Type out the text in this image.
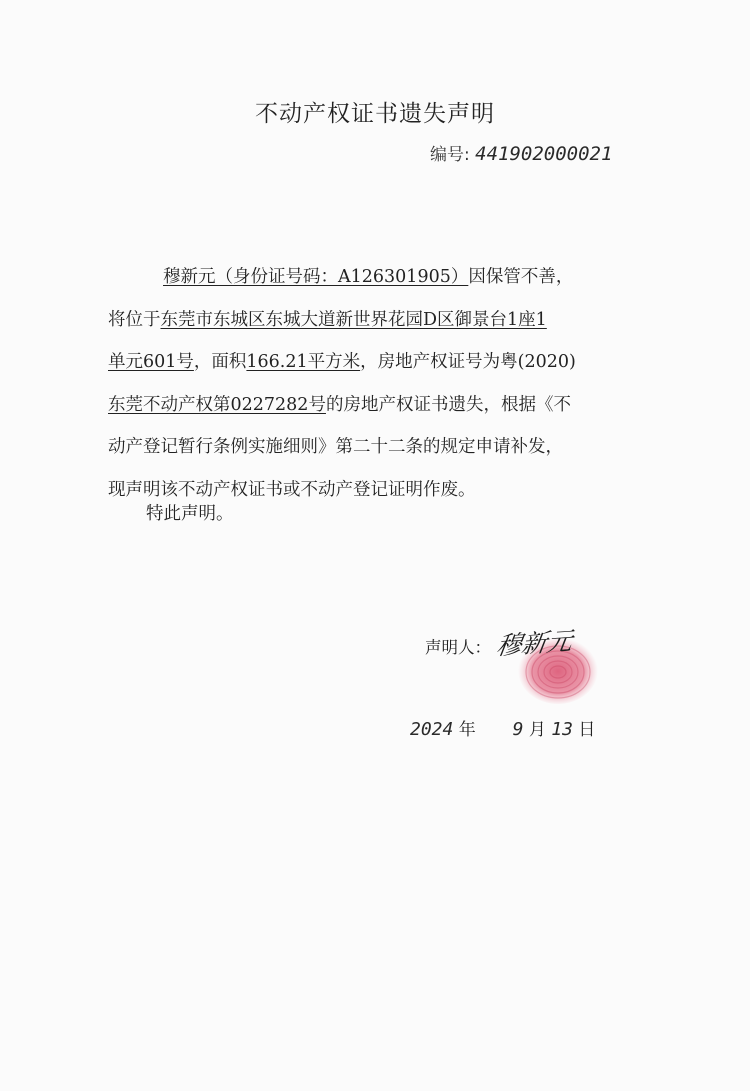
不动产权证书遗失声明
编号: 441902000021
穆新元（身份证号码：A126301905）因保管不善，
将位于东莞市东城区东城大道新世界花园D区御景台1座1
单元601号，面积166.21平方米，房地产权证号为粤(2020)
东莞不动产权第0227282号的房地产权证书遗失，根据《不
动产登记暂行条例实施细则》第二十二条的规定申请补发，
现声明该不动产权证书或不动产登记证明作废。
特此声明。
声明人： 穆新元
2024 年 9 月 13 日
